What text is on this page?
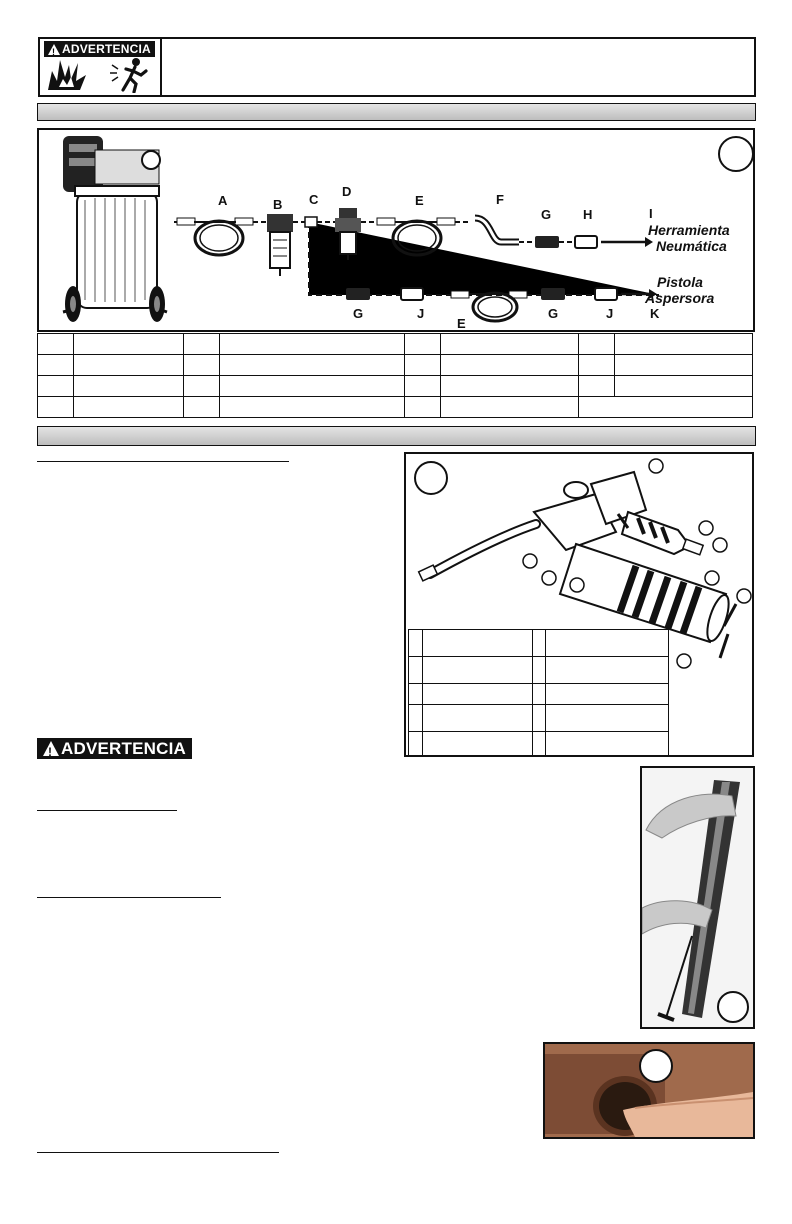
!
ADVERTENCIA
A	B C
D
E	F
G H	I
Herramienta
Neumática
Pistola
Aspersora
G	J
E
G	J	K

!
ADVERTENCIA
